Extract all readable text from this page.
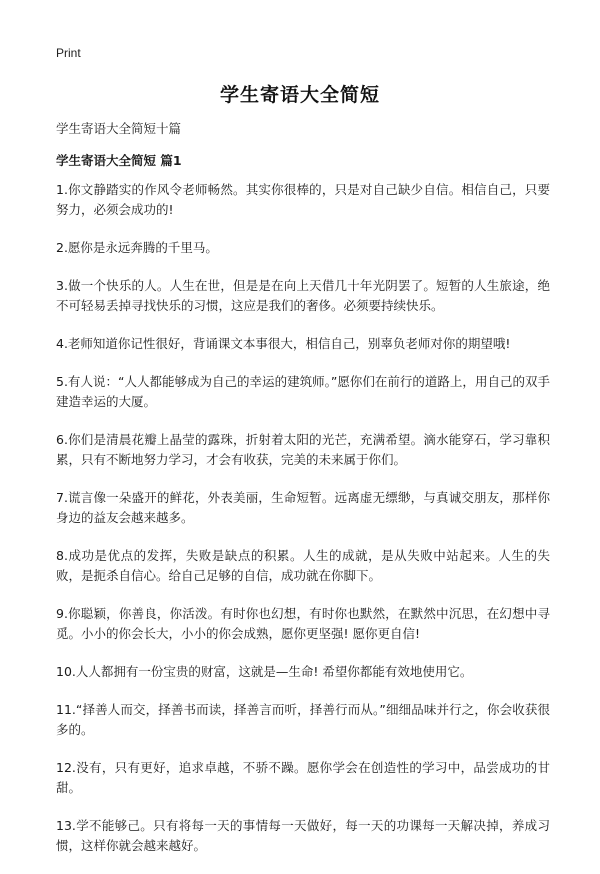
Print
学生寄语大全简短

学生寄语大全简短十篇

学生寄语大全简短 篇1

1.你文静踏实的作风令老师畅然。其实你很棒的，只是对自己缺少自信。相信自己，只要努力，必须会成功的!
2.愿你是永远奔腾的千里马。
3.做一个快乐的人。人生在世，但是是在向上天借几十年光阴罢了。短暂的人生旅途，绝不可轻易丢掉寻找快乐的习惯，这应是我们的奢侈。必须要持续快乐。
4.老师知道你记性很好，背诵课文本事很大，相信自己，别辜负老师对你的期望哦!
5.有人说：“人人都能够成为自己的幸运的建筑师。”愿你们在前行的道路上，用自己的双手建造幸运的大厦。
6.你们是清晨花瓣上晶莹的露珠，折射着太阳的光芒，充满希望。滴水能穿石，学习靠积累，只有不断地努力学习，才会有收获，完美的未来属于你们。
7.谎言像一朵盛开的鲜花，外表美丽，生命短暂。远离虚无缥缈，与真诚交朋友，那样你身边的益友会越来越多。
8.成功是优点的发挥，失败是缺点的积累。人生的成就，是从失败中站起来。人生的失败，是扼杀自信心。给自己足够的自信，成功就在你脚下。
9.你聪颖，你善良，你活泼。有时你也幻想，有时你也默然，在默然中沉思，在幻想中寻觅。小小的你会长大，小小的你会成熟，愿你更坚强! 愿你更自信!
10.人人都拥有一份宝贵的财富，这就是—生命! 希望你都能有效地使用它。
11.“择善人而交，择善书而读，择善言而听，择善行而从。”细细品味并行之，你会收获很多的。
12.没有，只有更好，追求卓越，不骄不躁。愿你学会在创造性的学习中，品尝成功的甘甜。
13.学不能够己。只有将每一天的事情每一天做好，每一天的功课每一天解决掉，养成习惯，这样你就会越来越好。
